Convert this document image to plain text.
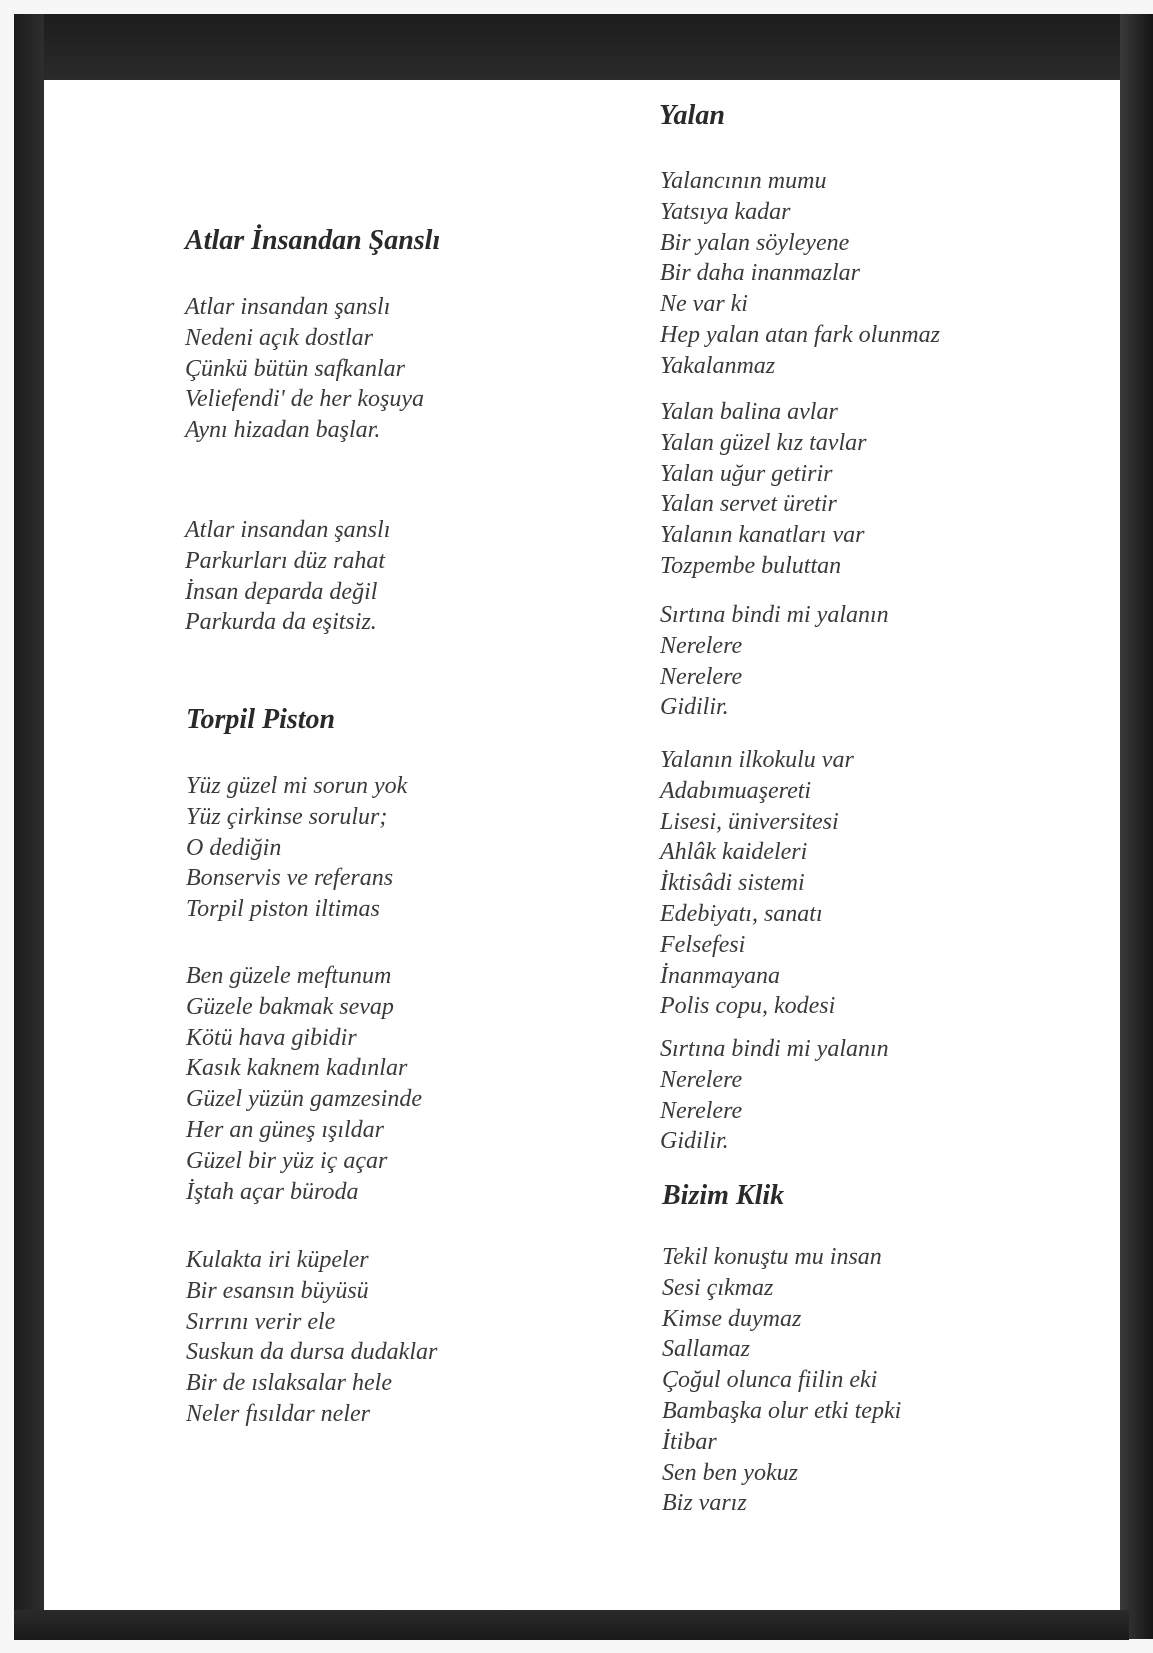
Atlar İnsandan Şanslı
Atlar insandan şanslı
Nedeni açık dostlar
Çünkü bütün safkanlar
Veliefendi' de her koşuya
Aynı hizadan başlar.
Atlar insandan şanslı
Parkurları düz rahat
İnsan deparda değil
Parkurda da eşitsiz.
Torpil Piston
Yüz güzel mi sorun yok
Yüz çirkinse sorulur;
O dediğin
Bonservis ve referans
Torpil piston iltimas
Ben güzele meftunum
Güzele bakmak sevap
Kötü hava gibidir
Kasık kaknem kadınlar
Güzel yüzün gamzesinde
Her an güneş ışıldar
Güzel bir yüz iç açar
İştah açar büroda
Kulakta iri küpeler
Bir esansın büyüsü
Sırrını verir ele
Suskun da dursa dudaklar
Bir de ıslaksalar hele
Neler fısıldar neler
Yalan
Yalancının mumu
Yatsıya kadar
Bir yalan söyleyene
Bir daha inanmazlar
Ne var ki
Hep yalan atan fark olunmaz
Yakalanmaz
Yalan balina avlar
Yalan güzel kız tavlar
Yalan uğur getirir
Yalan servet üretir
Yalanın kanatları var
Tozpembe buluttan
Sırtına bindi mi yalanın
Nerelere
Nerelere
Gidilir.
Yalanın ilkokulu var
Adabımuaşereti
Lisesi, üniversitesi
Ahlâk kaideleri
İktisâdi sistemi
Edebiyatı, sanatı
Felsefesi
İnanmayana
Polis copu, kodesi
Sırtına bindi mi yalanın
Nerelere
Nerelere
Gidilir.
Bizim Klik
Tekil konuştu mu insan
Sesi çıkmaz
Kimse duymaz
Sallamaz
Çoğul olunca fiilin eki
Bambaşka olur etki tepki
İtibar
Sen ben yokuz
Biz varız
